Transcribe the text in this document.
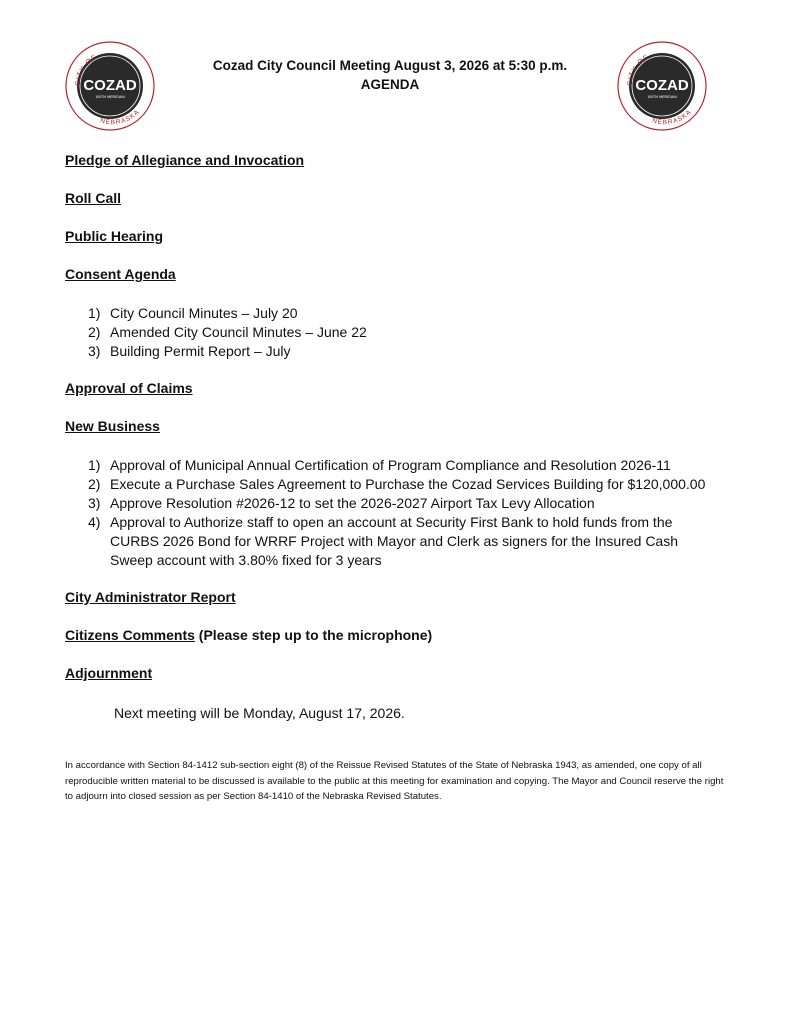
CITY OF
COZAD
100TH MERIDIAN
NEBRASKA
Cozad City Council Meeting August 3, 2026 at 5:30 p.m.
AGENDA	CITY OF
COZAD
100TH MERIDIAN
NEBRASKA
Pledge of Allegiance and Invocation
Roll Call
Public Hearing
Consent Agenda
1) City Council Minutes – July 20
2) Amended City Council Minutes – June 22
3) Building Permit Report – July
Approval of Claims
New Business
1) Approval of Municipal Annual Certification of Program Compliance and Resolution 2026-11
2) Execute a Purchase Sales Agreement to Purchase the Cozad Services Building for $120,000.00
3) Approve Resolution #2026-12 to set the 2026-2027 Airport Tax Levy Allocation
4) Approval to Authorize staff to open an account at Security First Bank to hold funds from the CURBS 2026 Bond for WRRF Project with Mayor and Clerk as signers for the Insured Cash Sweep account with 3.80% fixed for 3 years
City Administrator Report
Citizens Comments (Please step up to the microphone)
Adjournment
Next meeting will be Monday, August 17, 2026.
In accordance with Section 84-1412 sub-section eight (8) of the Reissue Revised Statutes of the State of Nebraska 1943, as amended, one copy of all reproducible written material to be discussed is available to the public at this meeting for examination and copying. The Mayor and Council reserve the right to adjourn into closed session as per Section 84-1410 of the Nebraska Revised Statutes.
